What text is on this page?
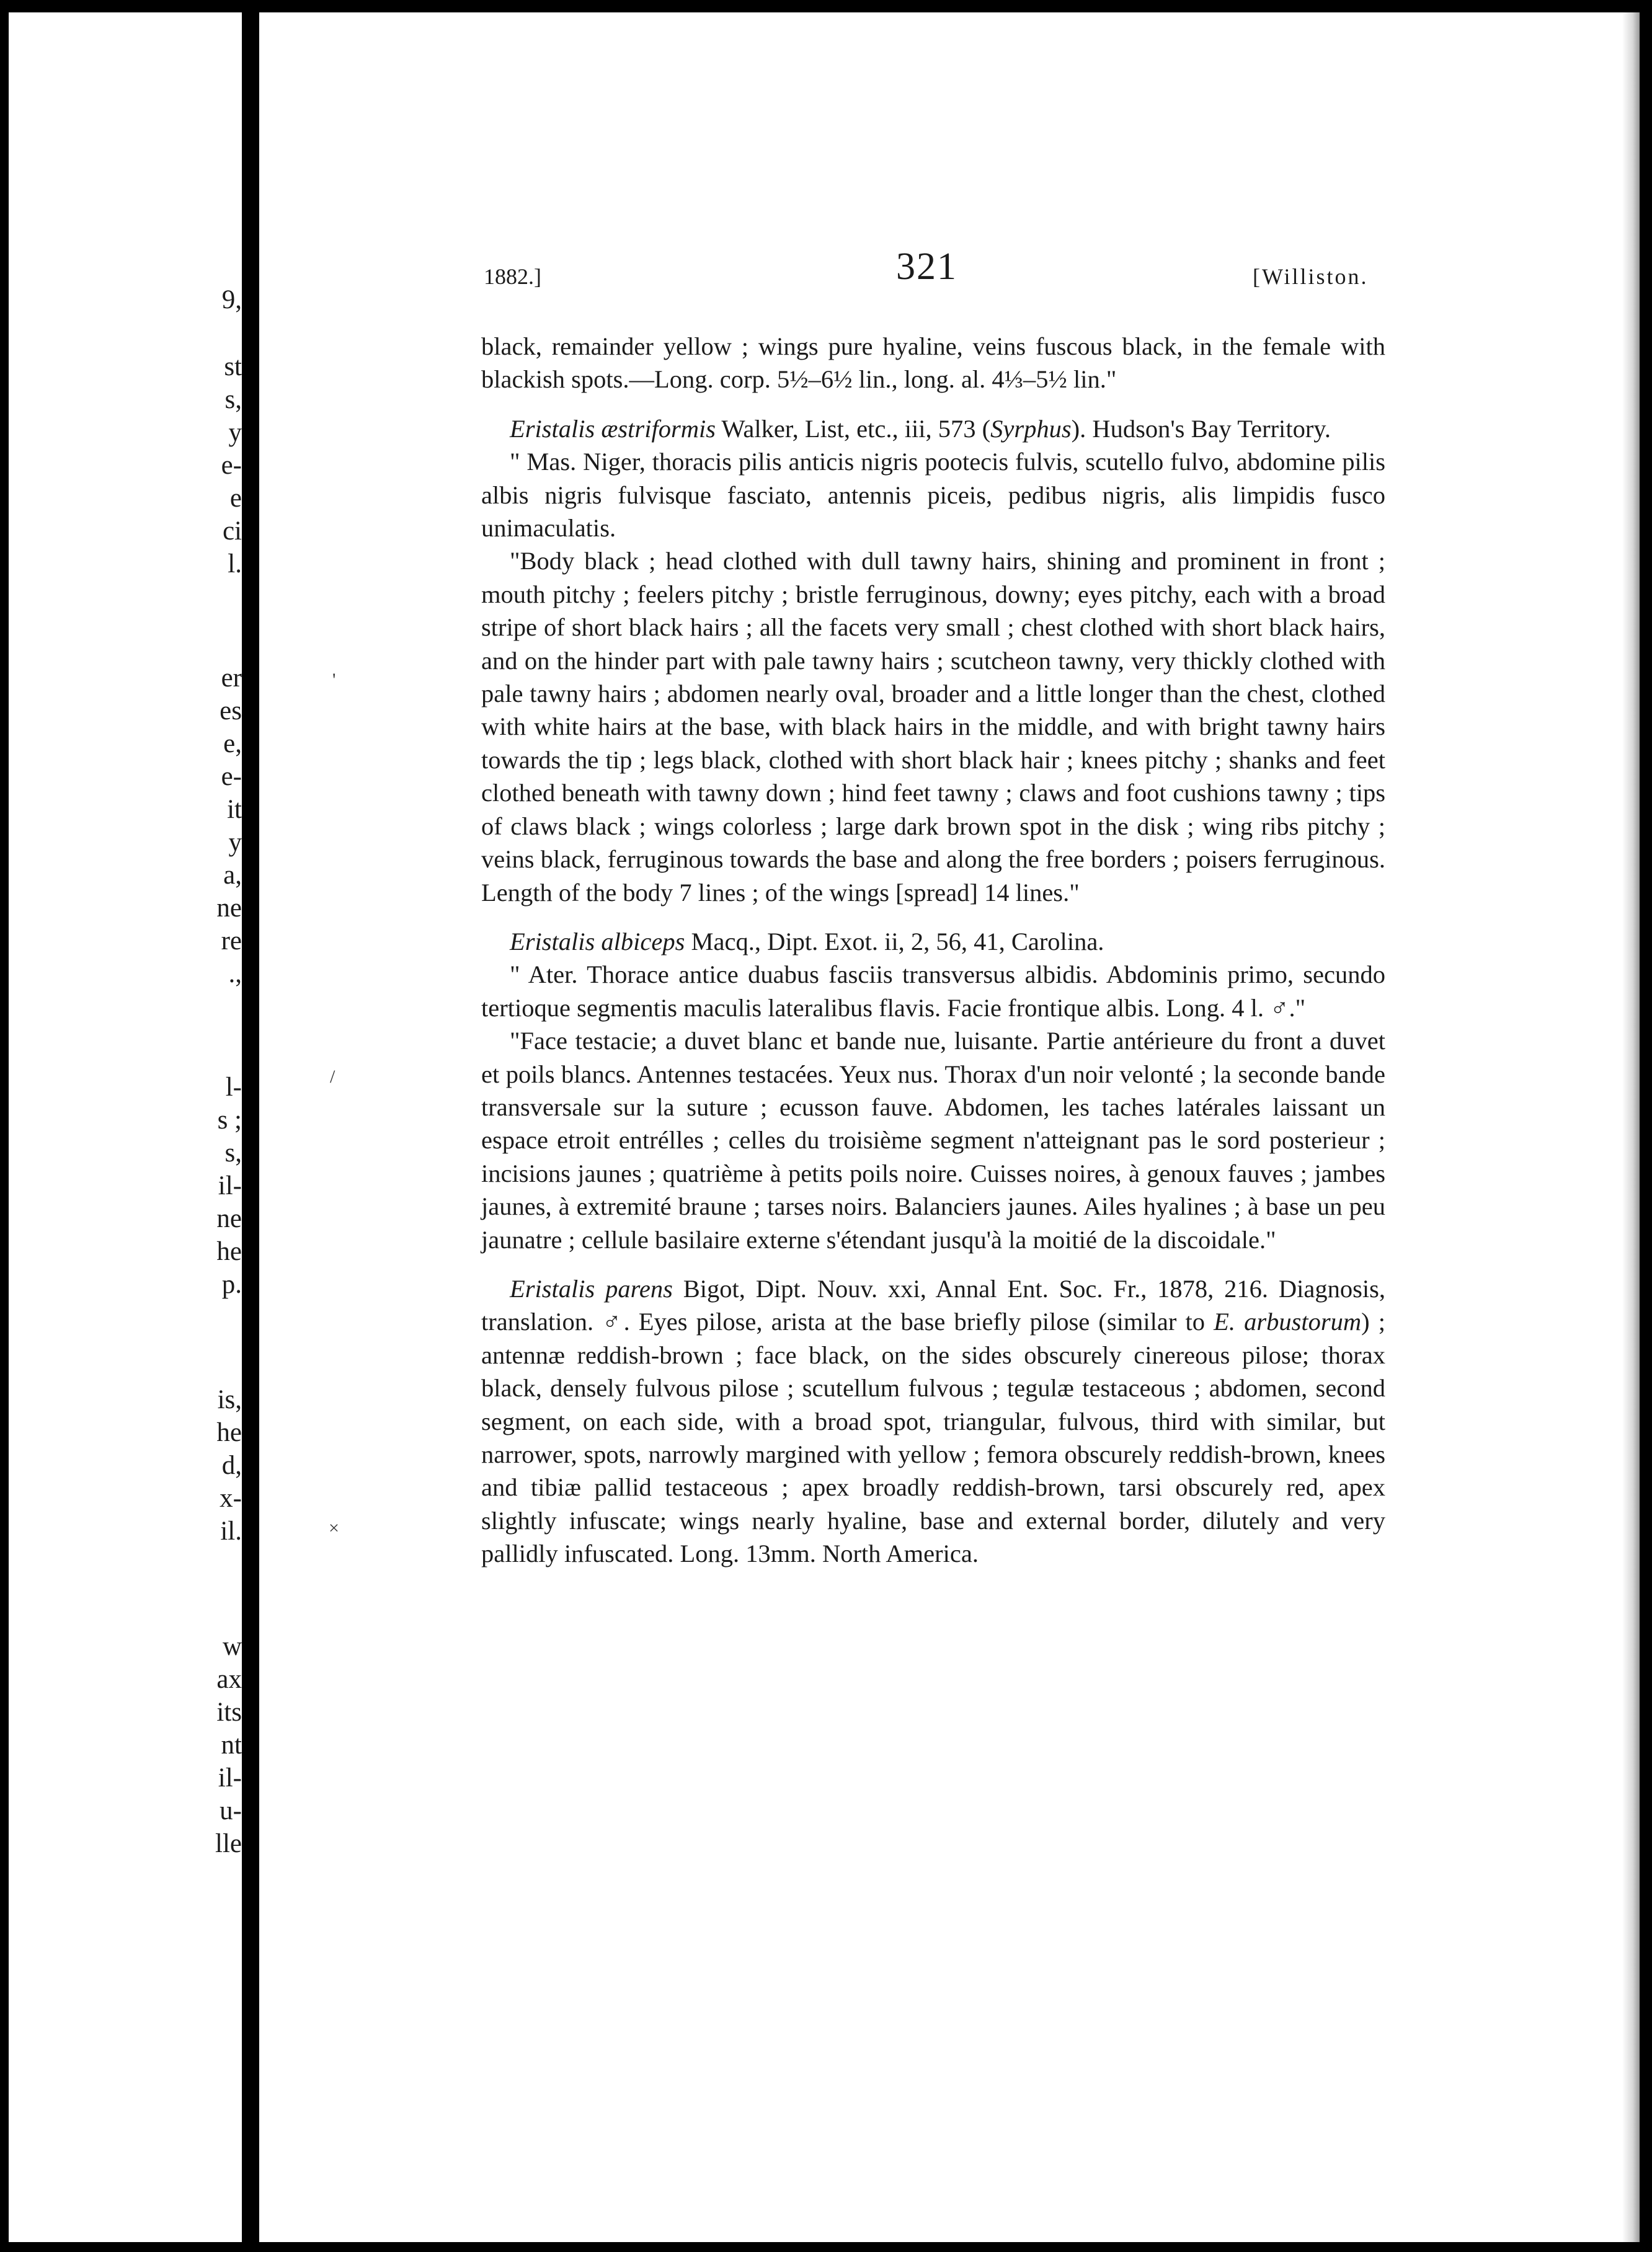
9,
st
s,
y
e-
e
ci
l.
er
es
e,
e-
it
y
a,
ne
re
.,
l-
s ;
s,
il-
ne
he
p.
is,
he
d,
x-
il.
w
ax
its
nt
il-
u-
lle
1882.]	321	[Williston.
'
/
×

black, remainder yellow ; wings pure hyaline, veins fuscous black, in the female with blackish spots.—Long. corp. 5½–6½ lin., long. al. 4⅓–5½ lin."

Eristalis æstriformis Walker, List, etc., iii, 573 (Syrphus). Hudson's Bay Territory.

" Mas. Niger, thoracis pilis anticis nigris pootecis fulvis, scutello fulvo, abdomine pilis albis nigris fulvisque fasciato, antennis piceis, pedibus nigris, alis limpidis fusco unimaculatis.

"Body black ; head clothed with dull tawny hairs, shining and prominent in front ; mouth pitchy ; feelers pitchy ; bristle ferruginous, downy; eyes pitchy, each with a broad stripe of short black hairs ; all the facets very small ; chest clothed with short black hairs, and on the hinder part with pale tawny hairs ; scutcheon tawny, very thickly clothed with pale tawny hairs ; abdomen nearly oval, broader and a little longer than the chest, clothed with white hairs at the base, with black hairs in the middle, and with bright tawny hairs towards the tip ; legs black, clothed with short black hair ; knees pitchy ; shanks and feet clothed beneath with tawny down ; hind feet tawny ; claws and foot cushions tawny ; tips of claws black ; wings colorless ; large dark brown spot in the disk ; wing ribs pitchy ; veins black, ferruginous towards the base and along the free borders ; poisers ferruginous. Length of the body 7 lines ; of the wings [spread] 14 lines."

Eristalis albiceps Macq., Dipt. Exot. ii, 2, 56, 41, Carolina.

" Ater. Thorace antice duabus fasciis transversus albidis. Abdominis primo, secundo tertioque segmentis maculis lateralibus flavis. Facie frontique albis. Long. 4 l. ♂."

"Face testacie; a duvet blanc et bande nue, luisante. Partie antérieure du front a duvet et poils blancs. Antennes testacées. Yeux nus. Thorax d'un noir velonté ; la seconde bande transversale sur la suture ; ecusson fauve. Abdomen, les taches latérales laissant un espace etroit entrélles ; celles du troisième segment n'atteignant pas le sord posterieur ; incisions jaunes ; quatrième à petits poils noire. Cuisses noires, à genoux fauves ; jambes jaunes, à extremité braune ; tarses noirs. Balanciers jaunes. Ailes hyalines ; à base un peu jaunatre ; cellule basilaire externe s'étendant jusqu'à la moitié de la discoidale."

Eristalis parens Bigot, Dipt. Nouv. xxi, Annal Ent. Soc. Fr., 1878, 216. Diagnosis, translation. ♂. Eyes pilose, arista at the base briefly pilose (similar to E. arbustorum) ; antennæ reddish-brown ; face black, on the sides obscurely cinereous pilose; thorax black, densely fulvous pilose ; scutellum fulvous ; tegulæ testaceous ; abdomen, second segment, on each side, with a broad spot, triangular, fulvous, third with similar, but narrower, spots, narrowly margined with yellow ; femora obscurely reddish-brown, knees and tibiæ pallid testaceous ; apex broadly reddish-brown, tarsi obscurely red, apex slightly infuscate; wings nearly hyaline, base and external border, dilutely and very pallidly infuscated. Long. 13mm. North America.
